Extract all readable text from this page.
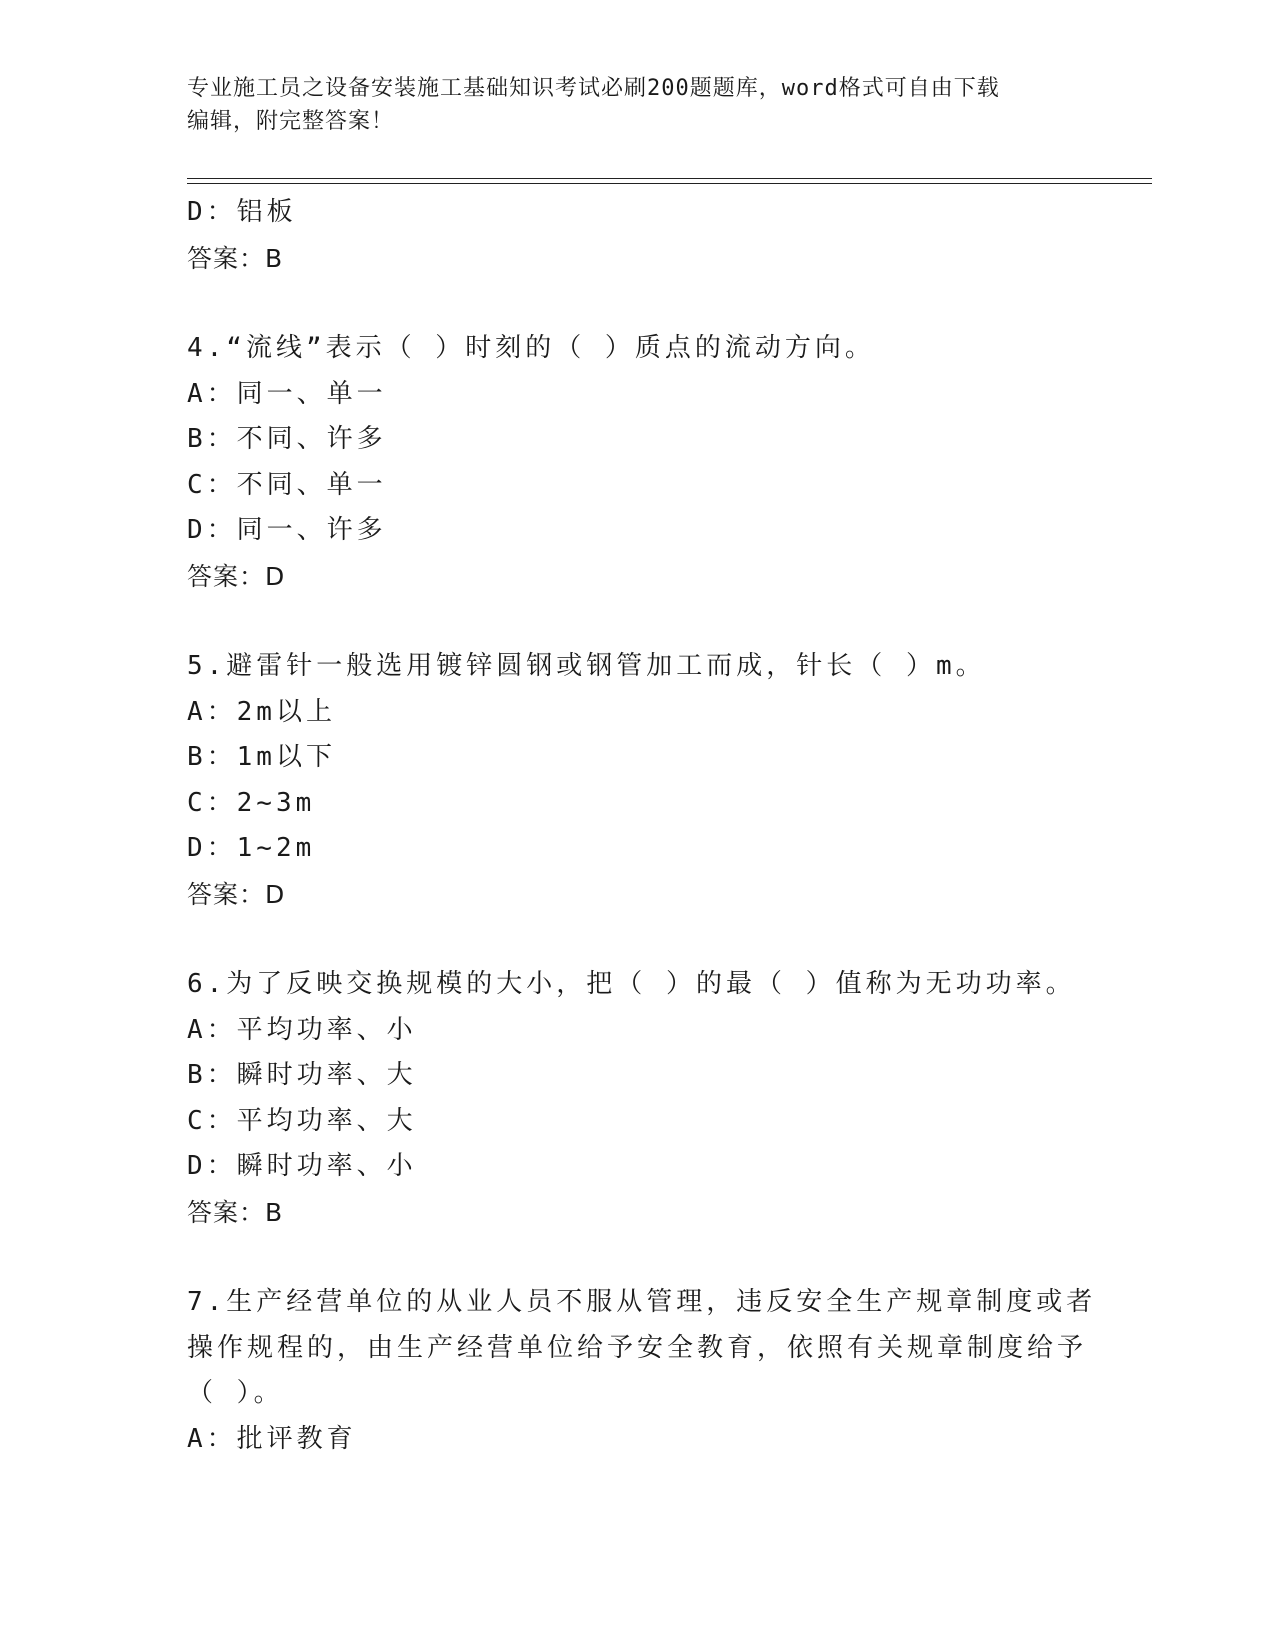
专业施工员之设备安装施工基础知识考试必刷200题题库，word格式可自由下载
编辑，附完整答案！
D：铝板
答案：B
4.“流线”表示（ ）时刻的（ ）质点的流动方向。
A：同一、单一
B：不同、许多
C：不同、单一
D：同一、许多
答案：D
5.避雷针一般选用镀锌圆钢或钢管加工而成，针长（ ）m。
A：2m以上
B：1m以下
C：2~3m
D：1~2m
答案：D
6.为了反映交换规模的大小，把（ ）的最（ ）值称为无功功率。
A：平均功率、小
B：瞬时功率、大
C：平均功率、大
D：瞬时功率、小
答案：B
7.生产经营单位的从业人员不服从管理，违反安全生产规章制度或者
操作规程的，由生产经营单位给予安全教育，依照有关规章制度给予
（ ）。
A：批评教育
